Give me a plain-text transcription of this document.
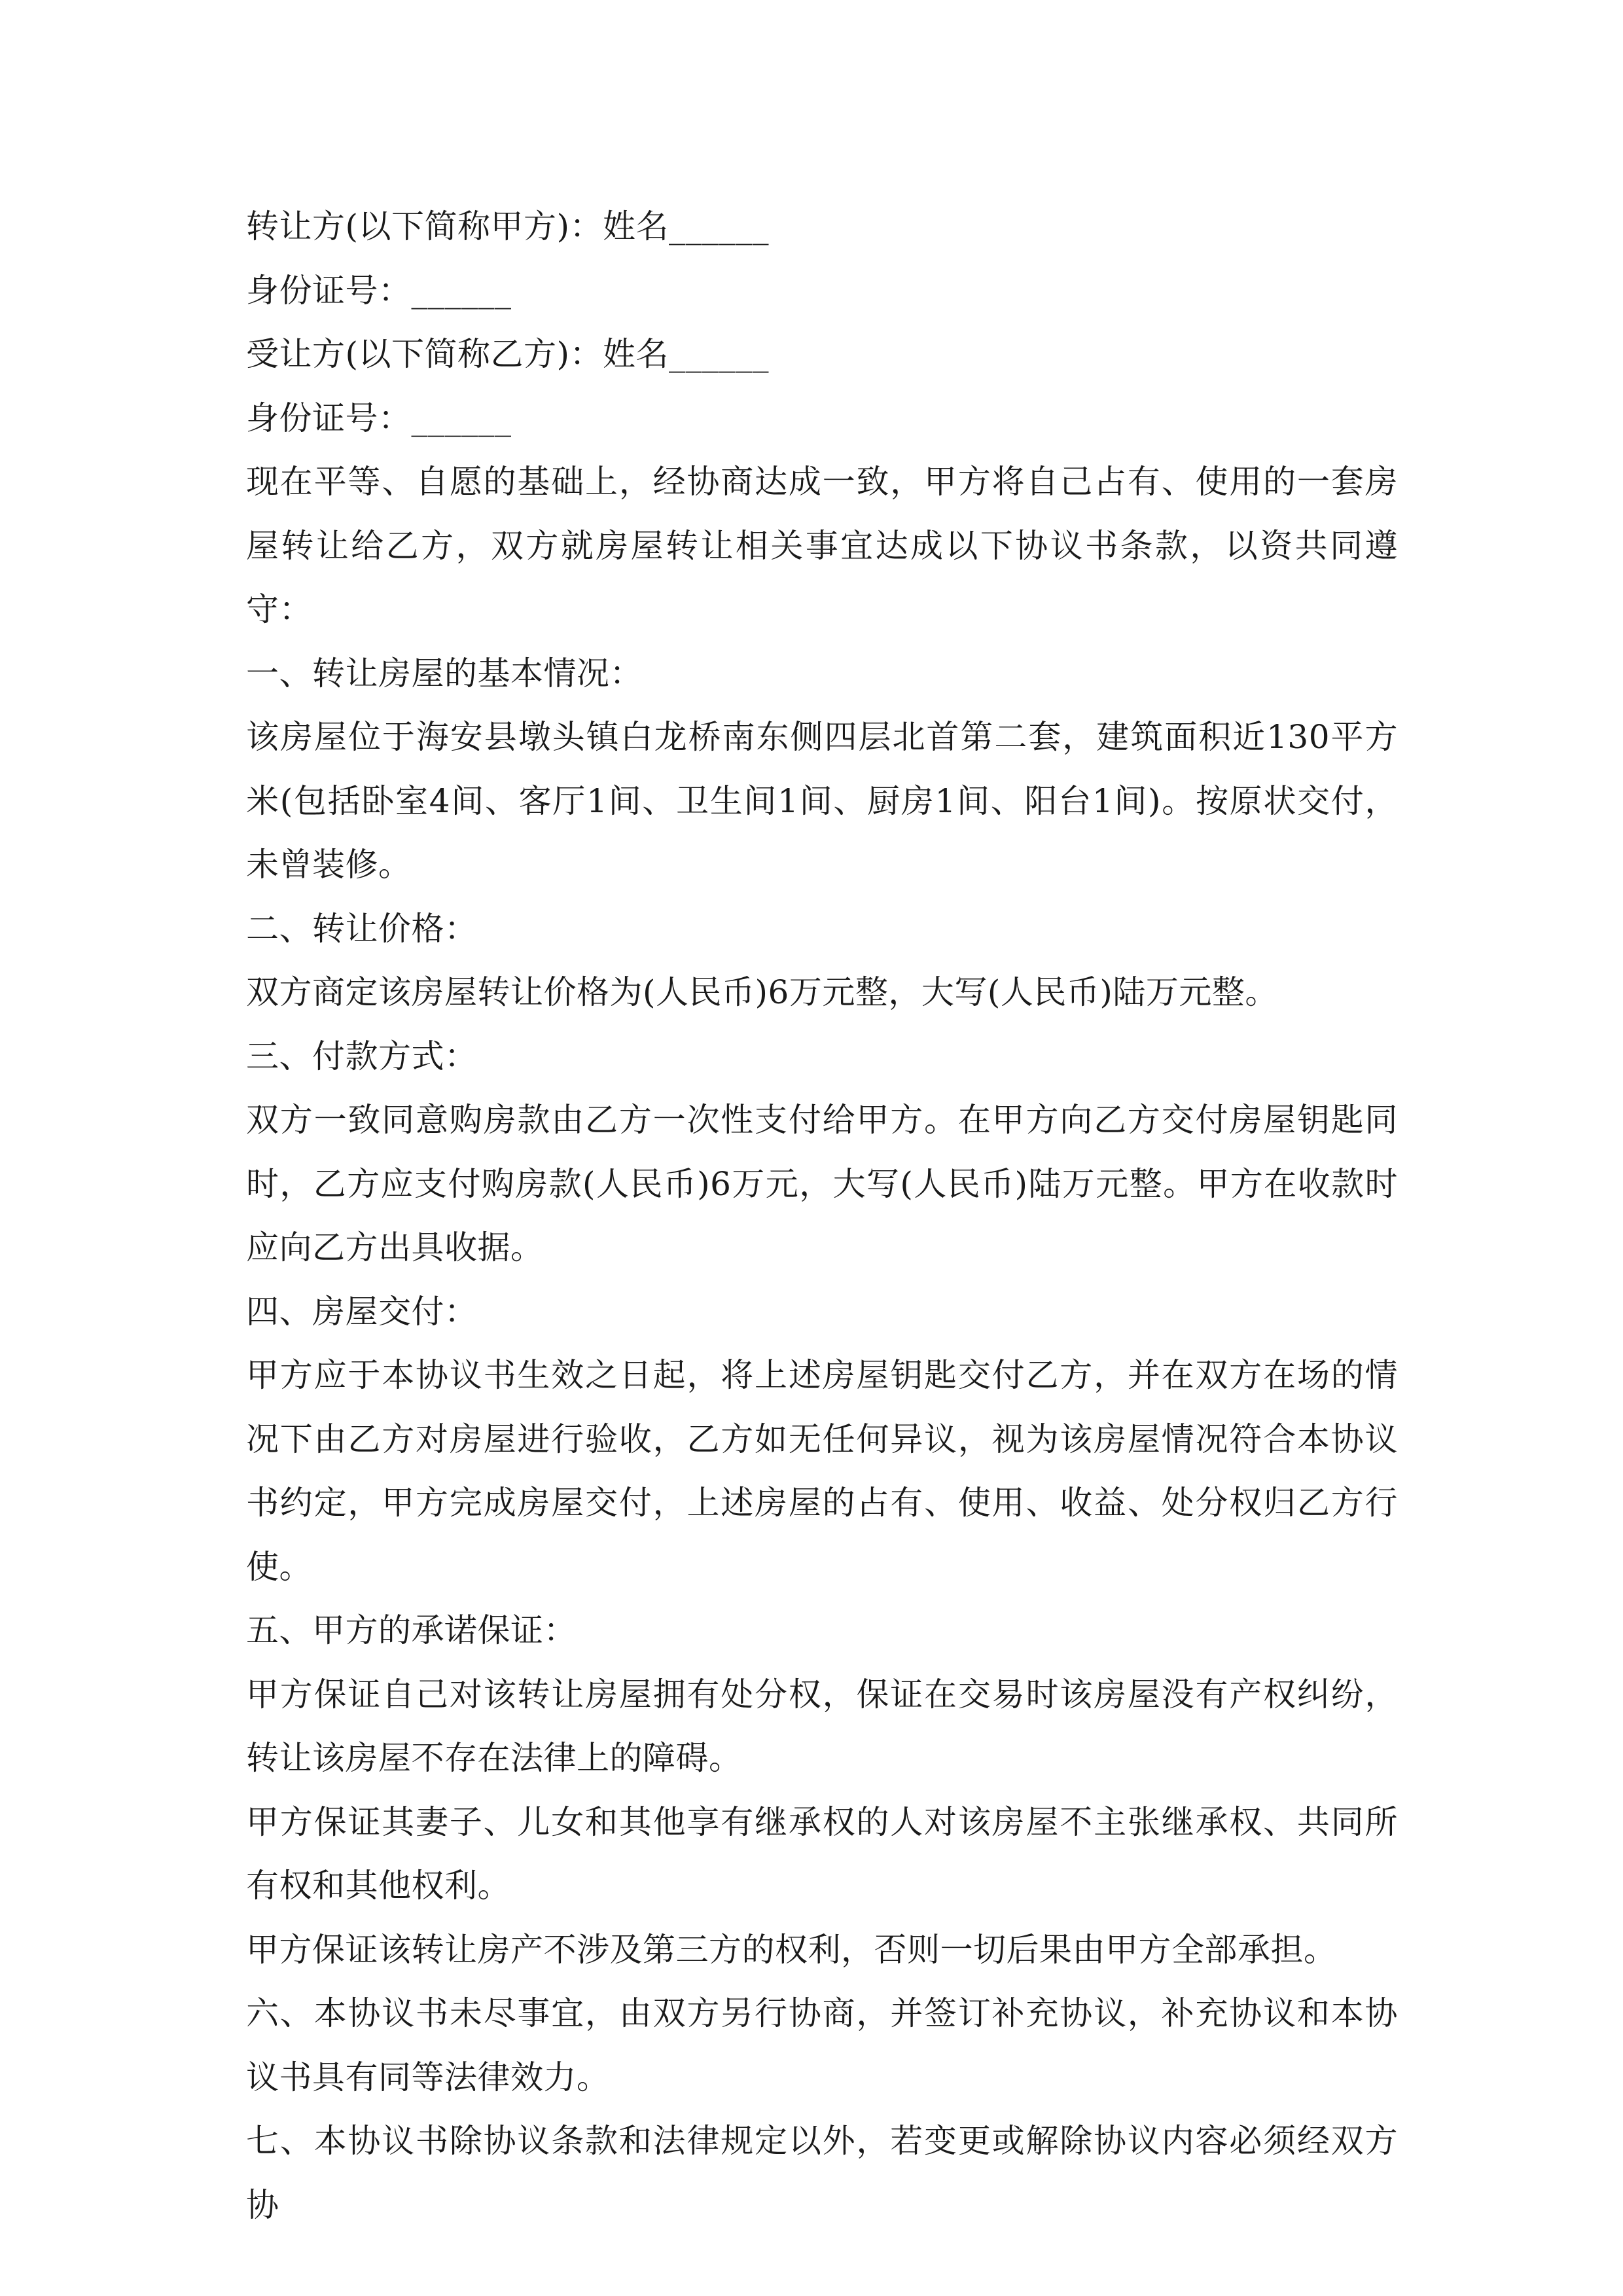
转让方(以下简称甲方)：姓名______

身份证号：______

受让方(以下简称乙方)：姓名______

身份证号：______

现在平等、自愿的基础上，经协商达成一致，甲方将自己占有、使用的一套房屋转让给乙方，双方就房屋转让相关事宜达成以下协议书条款，以资共同遵守：

一、转让房屋的基本情况：

该房屋位于海安县墩头镇白龙桥南东侧四层北首第二套，建筑面积近130平方米(包括卧室4间、客厅1间、卫生间1间、厨房1间、阳台1间)。按原状交付，未曾装修。

二、转让价格：

双方商定该房屋转让价格为(人民币)6万元整，大写(人民币)陆万元整。

三、付款方式：

双方一致同意购房款由乙方一次性支付给甲方。在甲方向乙方交付房屋钥匙同时，乙方应支付购房款(人民币)6万元，大写(人民币)陆万元整。甲方在收款时应向乙方出具收据。

四、房屋交付：

甲方应于本协议书生效之日起，将上述房屋钥匙交付乙方，并在双方在场的情况下由乙方对房屋进行验收，乙方如无任何异议，视为该房屋情况符合本协议书约定，甲方完成房屋交付，上述房屋的占有、使用、收益、处分权归乙方行使。

五、甲方的承诺保证：

甲方保证自己对该转让房屋拥有处分权，保证在交易时该房屋没有产权纠纷，转让该房屋不存在法律上的障碍。

甲方保证其妻子、儿女和其他享有继承权的人对该房屋不主张继承权、共同所有权和其他权利。

甲方保证该转让房产不涉及第三方的权利，否则一切后果由甲方全部承担。

六、本协议书未尽事宜，由双方另行协商，并签订补充协议，补充协议和本协议书具有同等法律效力。

七、本协议书除协议条款和法律规定以外，若变更或解除协议内容必须经双方协
